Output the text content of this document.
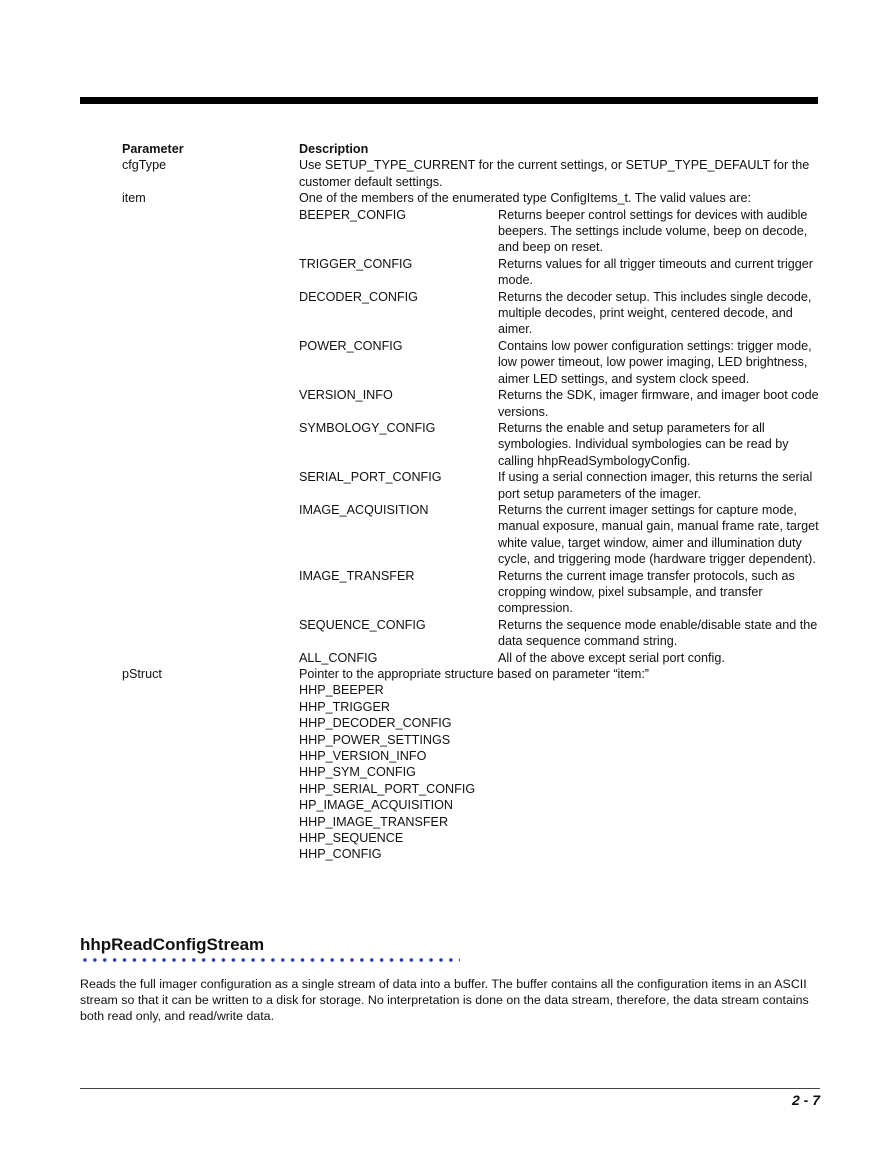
Parameter	Description
cfgType	Use SETUP_TYPE_CURRENT for the current settings, or SETUP_TYPE_DEFAULT for the customer default settings.
item	One of the members of the enumerated type ConfigItems_t. The valid values are:
BEEPER_CONFIG	Returns beeper control settings for devices with audible beepers. The settings include volume, beep on decode, and beep on reset.
TRIGGER_CONFIG	Returns values for all trigger timeouts and current trigger mode.
DECODER_CONFIG	Returns the decoder setup. This includes single decode, multiple decodes, print weight, centered decode, and aimer.
POWER_CONFIG	Contains low power configuration settings: trigger mode, low power timeout, low power imaging, LED brightness, aimer LED settings, and system clock speed.
VERSION_INFO	Returns the SDK, imager firmware, and imager boot code versions.
SYMBOLOGY_CONFIG	Returns the enable and setup parameters for all symbologies. Individual symbologies can be read by calling hhpReadSymbologyConfig.
SERIAL_PORT_CONFIG	If using a serial connection imager, this returns the serial port setup parameters of the imager.
IMAGE_ACQUISITION	Returns the current imager settings for capture mode, manual exposure, manual gain, manual frame rate, target white value, target window, aimer and illumination duty cycle, and triggering mode (hardware trigger dependent).
IMAGE_TRANSFER	Returns the current image transfer protocols, such as cropping window, pixel subsample, and transfer compression.
SEQUENCE_CONFIG	Returns the sequence mode enable/disable state and the data sequence command string.
ALL_CONFIG	All of the above except serial port config.
pStruct	Pointer to the appropriate structure based on parameter “item:”
HHP_BEEPER
HHP_TRIGGER
HHP_DECODER_CONFIG
HHP_POWER_SETTINGS
HHP_VERSION_INFO
HHP_SYM_CONFIG
HHP_SERIAL_PORT_CONFIG
HP_IMAGE_ACQUISITION
HHP_IMAGE_TRANSFER
HHP_SEQUENCE
HHP_CONFIG
hhpReadConfigStream
Reads the full imager configuration as a single stream of data into a buffer. The buffer contains all the configuration items in an ASCII stream so that it can be written to a disk for storage. No interpretation is done on the data stream, therefore, the data stream contains both read only, and read/write data.
2 - 7
